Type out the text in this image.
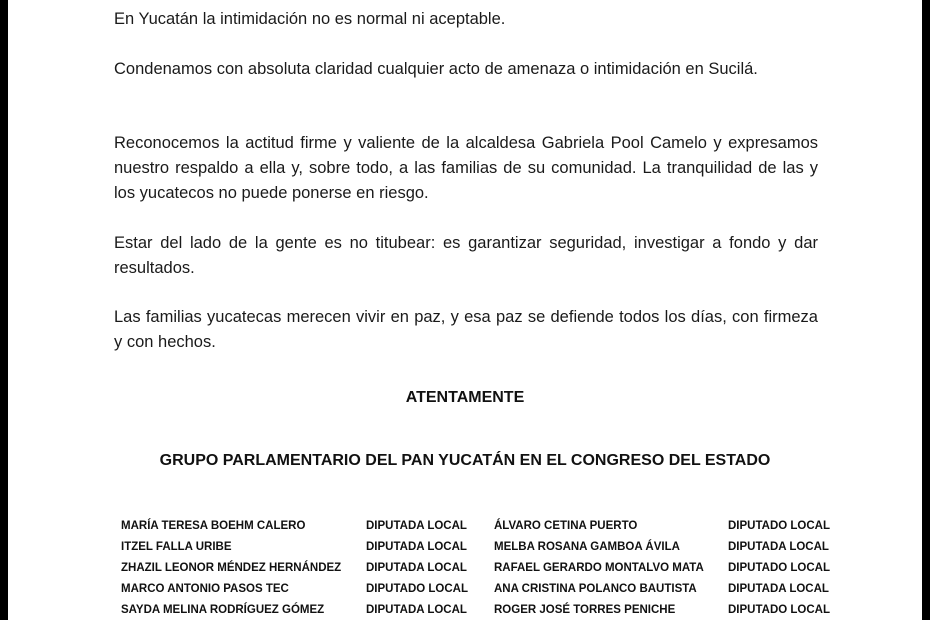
En Yucatán la intimidación no es normal ni aceptable.

Condenamos con absoluta claridad cualquier acto de amenaza o intimidación en Sucilá.

Reconocemos la actitud firme y valiente de la alcaldesa Gabriela Pool Camelo y expresamos nuestro respaldo a ella y, sobre todo, a las familias de su comunidad. La tranquilidad de las y los yucatecos no puede ponerse en riesgo.

Estar del lado de la gente es no titubear: es garantizar seguridad, investigar a fondo y dar resultados.

Las familias yucatecas merecen vivir en paz, y esa paz se defiende todos los días, con firmeza y con hechos.

ATENTAMENTE

GRUPO PARLAMENTARIO DEL PAN YUCATÁN EN EL CONGRESO DEL ESTADO

MARÍA TERESA BOEHM CALERO	DIPUTADA LOCAL	ÁLVARO CETINA PUERTO	DIPUTADO LOCAL
ITZEL FALLA URIBE	DIPUTADA LOCAL	MELBA ROSANA GAMBOA ÁVILA	DIPUTADA LOCAL
ZHAZIL LEONOR MÉNDEZ HERNÁNDEZ	DIPUTADA LOCAL	RAFAEL GERARDO MONTALVO MATA	DIPUTADO LOCAL
MARCO ANTONIO PASOS TEC	DIPUTADO LOCAL	ANA CRISTINA POLANCO BAUTISTA	DIPUTADA LOCAL
SAYDA MELINA RODRÍGUEZ GÓMEZ	DIPUTADA LOCAL	ROGER JOSÉ TORRES PENICHE	DIPUTADO LOCAL
